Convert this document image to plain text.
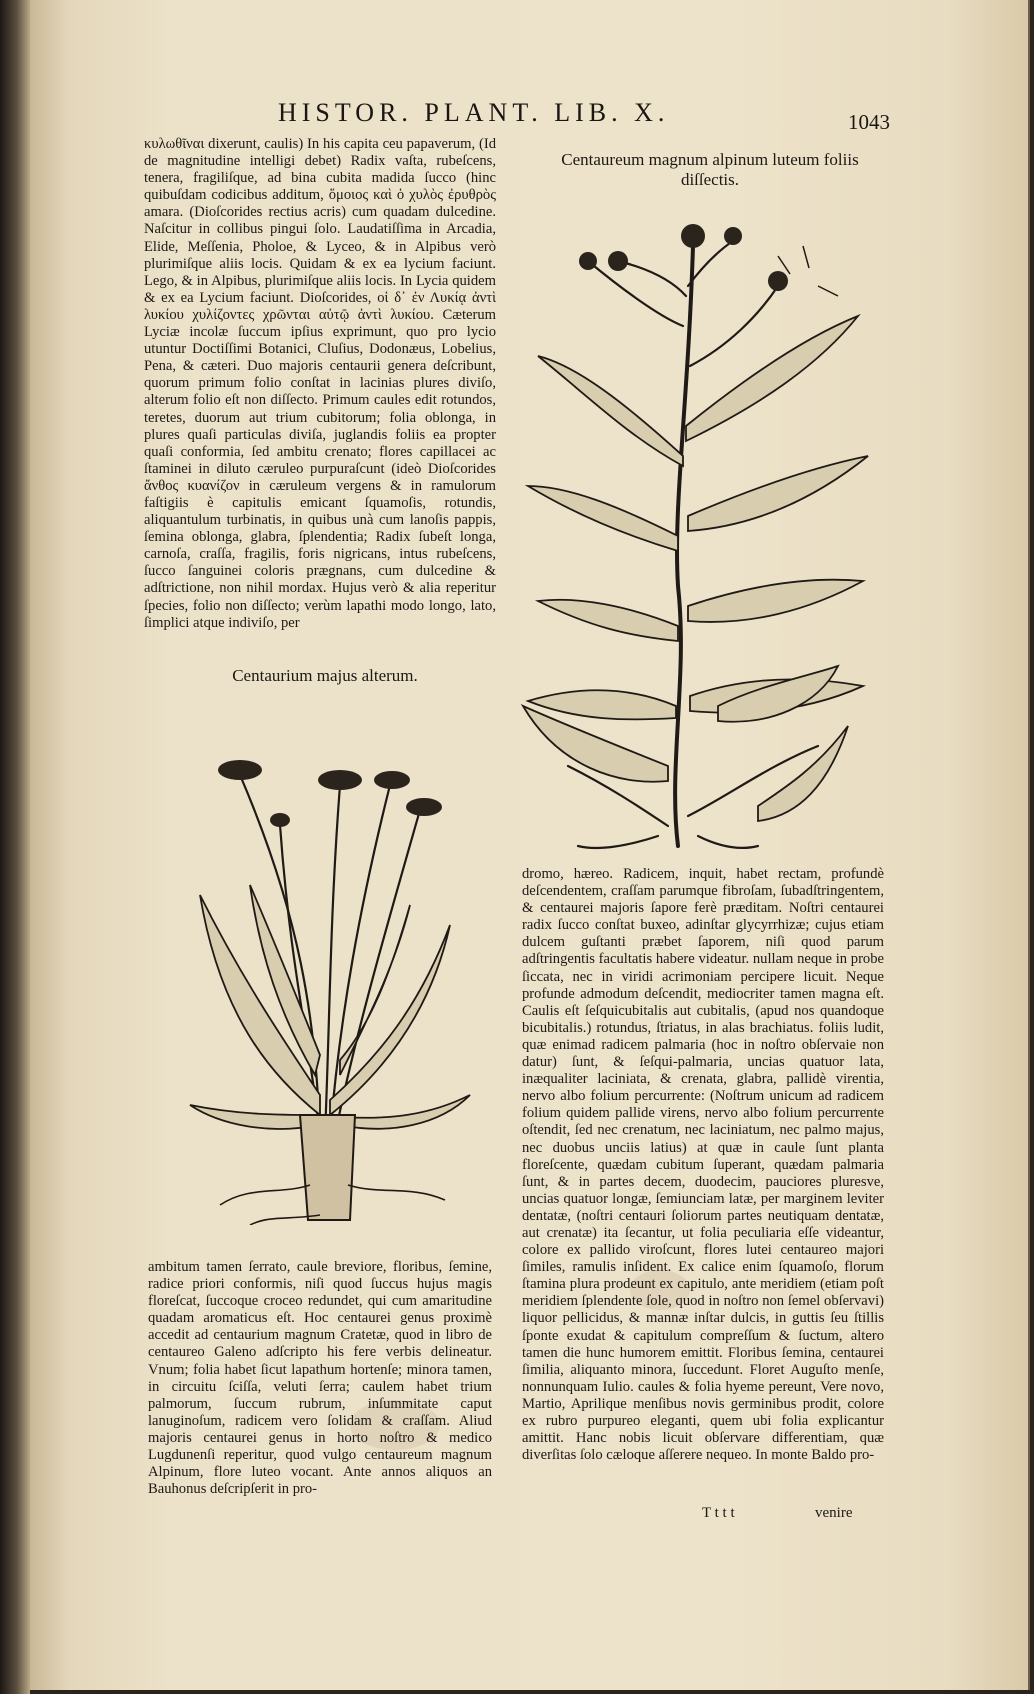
HISTOR. PLANT. LIB. X.	1043

κυλωθῖναι dixerunt, caulis) In his capita ceu papaverum, (Id de magnitudine intelligi debet) Radix vaſta, rubeſcens, tenera, fragiliſque, ad bina cubita madida ſucco (hinc quibuſdam codicibus additum, ὅμοιος καὶ ὁ χυλὸς ἐρυθρὸς amara. (Dioſcorides rectius acris) cum quadam dulcedine. Naſcitur in collibus pingui ſolo. Laudatiſſima in Arcadia, Elide, Meſſenia, Pholoe, & Lyceo, & in Alpibus verò plurimiſque aliis locis. Quidam & ex ea lycium faciunt. Lego, & in Alpibus, plurimiſque aliis locis. In Lycia quidem & ex ea Lycium faciunt. Dioſcorides, οἱ δ᾽ ἐν Λυκίᾳ ἀντὶ λυκίου χυλίζοντες χρῶνται αὐτῷ ἀντὶ λυκίου. Cæterum Lyciæ incolæ ſuccum ipſius exprimunt, quo pro lycio utuntur Doctiſſimi Botanici, Cluſius, Dodonæus, Lobelius, Pena, & cæteri. Duo majoris centaurii genera deſcribunt, quorum primum folio conſtat in lacinias plures diviſo, alterum folio eſt non diſſecto. Primum caules edit rotundos, teretes, duorum aut trium cubitorum; folia oblonga, in plures quaſi particulas diviſa, juglandis foliis ea propter quaſi conformia, ſed ambitu crenato; flores capillacei ac ſtaminei in diluto cæruleo purpuraſcunt (ideò Dioſcorides ἄνθος κυανίζον in cæruleum vergens & in ramulorum faſtigiis è capitulis emicant ſquamoſis, rotundis, aliquantulum turbinatis, in quibus unà cum lanoſis pappis, ſemina oblonga, glabra, ſplendentia; Radix ſubeſt longa, carnoſa, craſſa, fragilis, foris nigricans, intus rubeſcens, ſucco ſanguinei coloris prægnans, cum dulcedine & adſtrictione, non nihil mordax. Hujus verò & alia reperitur ſpecies, folio non diſſecto; verùm lapathi modo longo, lato, ſimplici atque indiviſo, per

Centaureum magnum alpinum luteum foliis diſſectis.
Centaurium majus alterum.

ambitum tamen ſerrato, caule breviore, floribus, ſemine, radice priori conformis, niſi quod ſuccus hujus magis floreſcat, ſuccoque croceo redundet, qui cum amaritudine quadam aromaticus eſt. Hoc centaurei genus proximè accedit ad centaurium magnum Cratetæ, quod in libro de centaureo Galeno adſcripto his fere verbis delineatur. Vnum; folia habet ſicut lapathum hortenſe; minora tamen, in circuitu ſciſſa, veluti ſerra; caulem habet trium palmorum, ſuccum rubrum, inſummitate caput lanuginoſum, radicem vero ſolidam & craſſam. Aliud majoris centaurei genus in horto noſtro & medico Lugdunenſi reperitur, quod vulgo centaureum magnum Alpinum, flore luteo vocant. Ante annos aliquos an Bauhonus deſcripſerit in pro-

dromo, hæreo. Radicem, inquit, habet rectam, profundè deſcendentem, craſſam parumque fibroſam, ſubadſtringentem, & centaurei majoris ſapore ferè præditam. Noſtri centaurei radix ſucco conſtat buxeo, adinſtar glycyrrhizæ; cujus etiam dulcem guſtanti præbet ſaporem, niſi quod parum adſtringentis facultatis habere videatur. nullam neque in probe ſiccata, nec in viridi acrimoniam percipere licuit. Neque profunde admodum deſcendit, mediocriter tamen magna eſt. Caulis eſt ſeſquicubitalis aut cubitalis, (apud nos quandoque bicubitalis.) rotundus, ſtriatus, in alas brachiatus. foliis ludit, quæ enimad radicem palmaria (hoc in noſtro obſervaie non datur) ſunt, & ſeſqui-palmaria, uncias quatuor lata, inæqualiter laciniata, & crenata, glabra, pallidè virentia, nervo albo folium percurrente: (Noſtrum unicum ad radicem folium quidem pallide virens, nervo albo folium percurrente oſtendit, ſed nec crenatum, nec laciniatum, nec palmo majus, nec duobus unciis latius) at quæ in caule ſunt planta floreſcente, quædam cubitum ſuperant, quædam palmaria ſunt, & in partes decem, duodecim, pauciores pluresve, uncias quatuor longæ, ſemiunciam latæ, per marginem leviter dentatæ, (noſtri centauri ſoliorum partes neutiquam dentatæ, aut crenatæ) ita ſecantur, ut folia peculiaria eſſe videantur, colore ex pallido viroſcunt, flores lutei centaureo majori ſimiles, ramulis inſident. Ex calice enim ſquamoſo, florum ſtamina plura prodeunt ex capitulo, ante meridiem (etiam poſt meridiem ſplendente ſole, quod in noſtro non ſemel obſervavi) liquor pellicidus, & mannæ inſtar dulcis, in guttis ſeu ſtillis ſponte exudat & capitulum compreſſum & ſuctum, altero tamen die hunc humorem emittit. Floribus ſemina, centaurei ſimilia, aliquanto minora, ſuccedunt. Floret Auguſto menſe, nonnunquam Iulio. caules & folia hyeme pereunt, Vere novo, Martio, Aprilique menſibus novis germinibus prodit, colore ex rubro purpureo eleganti, quem ubi folia explicantur amittit. Hanc nobis licuit obſervare differentiam, quæ diverſitas ſolo cæloque aſſerere nequeo. In monte Baldo pro-

T t t t	venire
